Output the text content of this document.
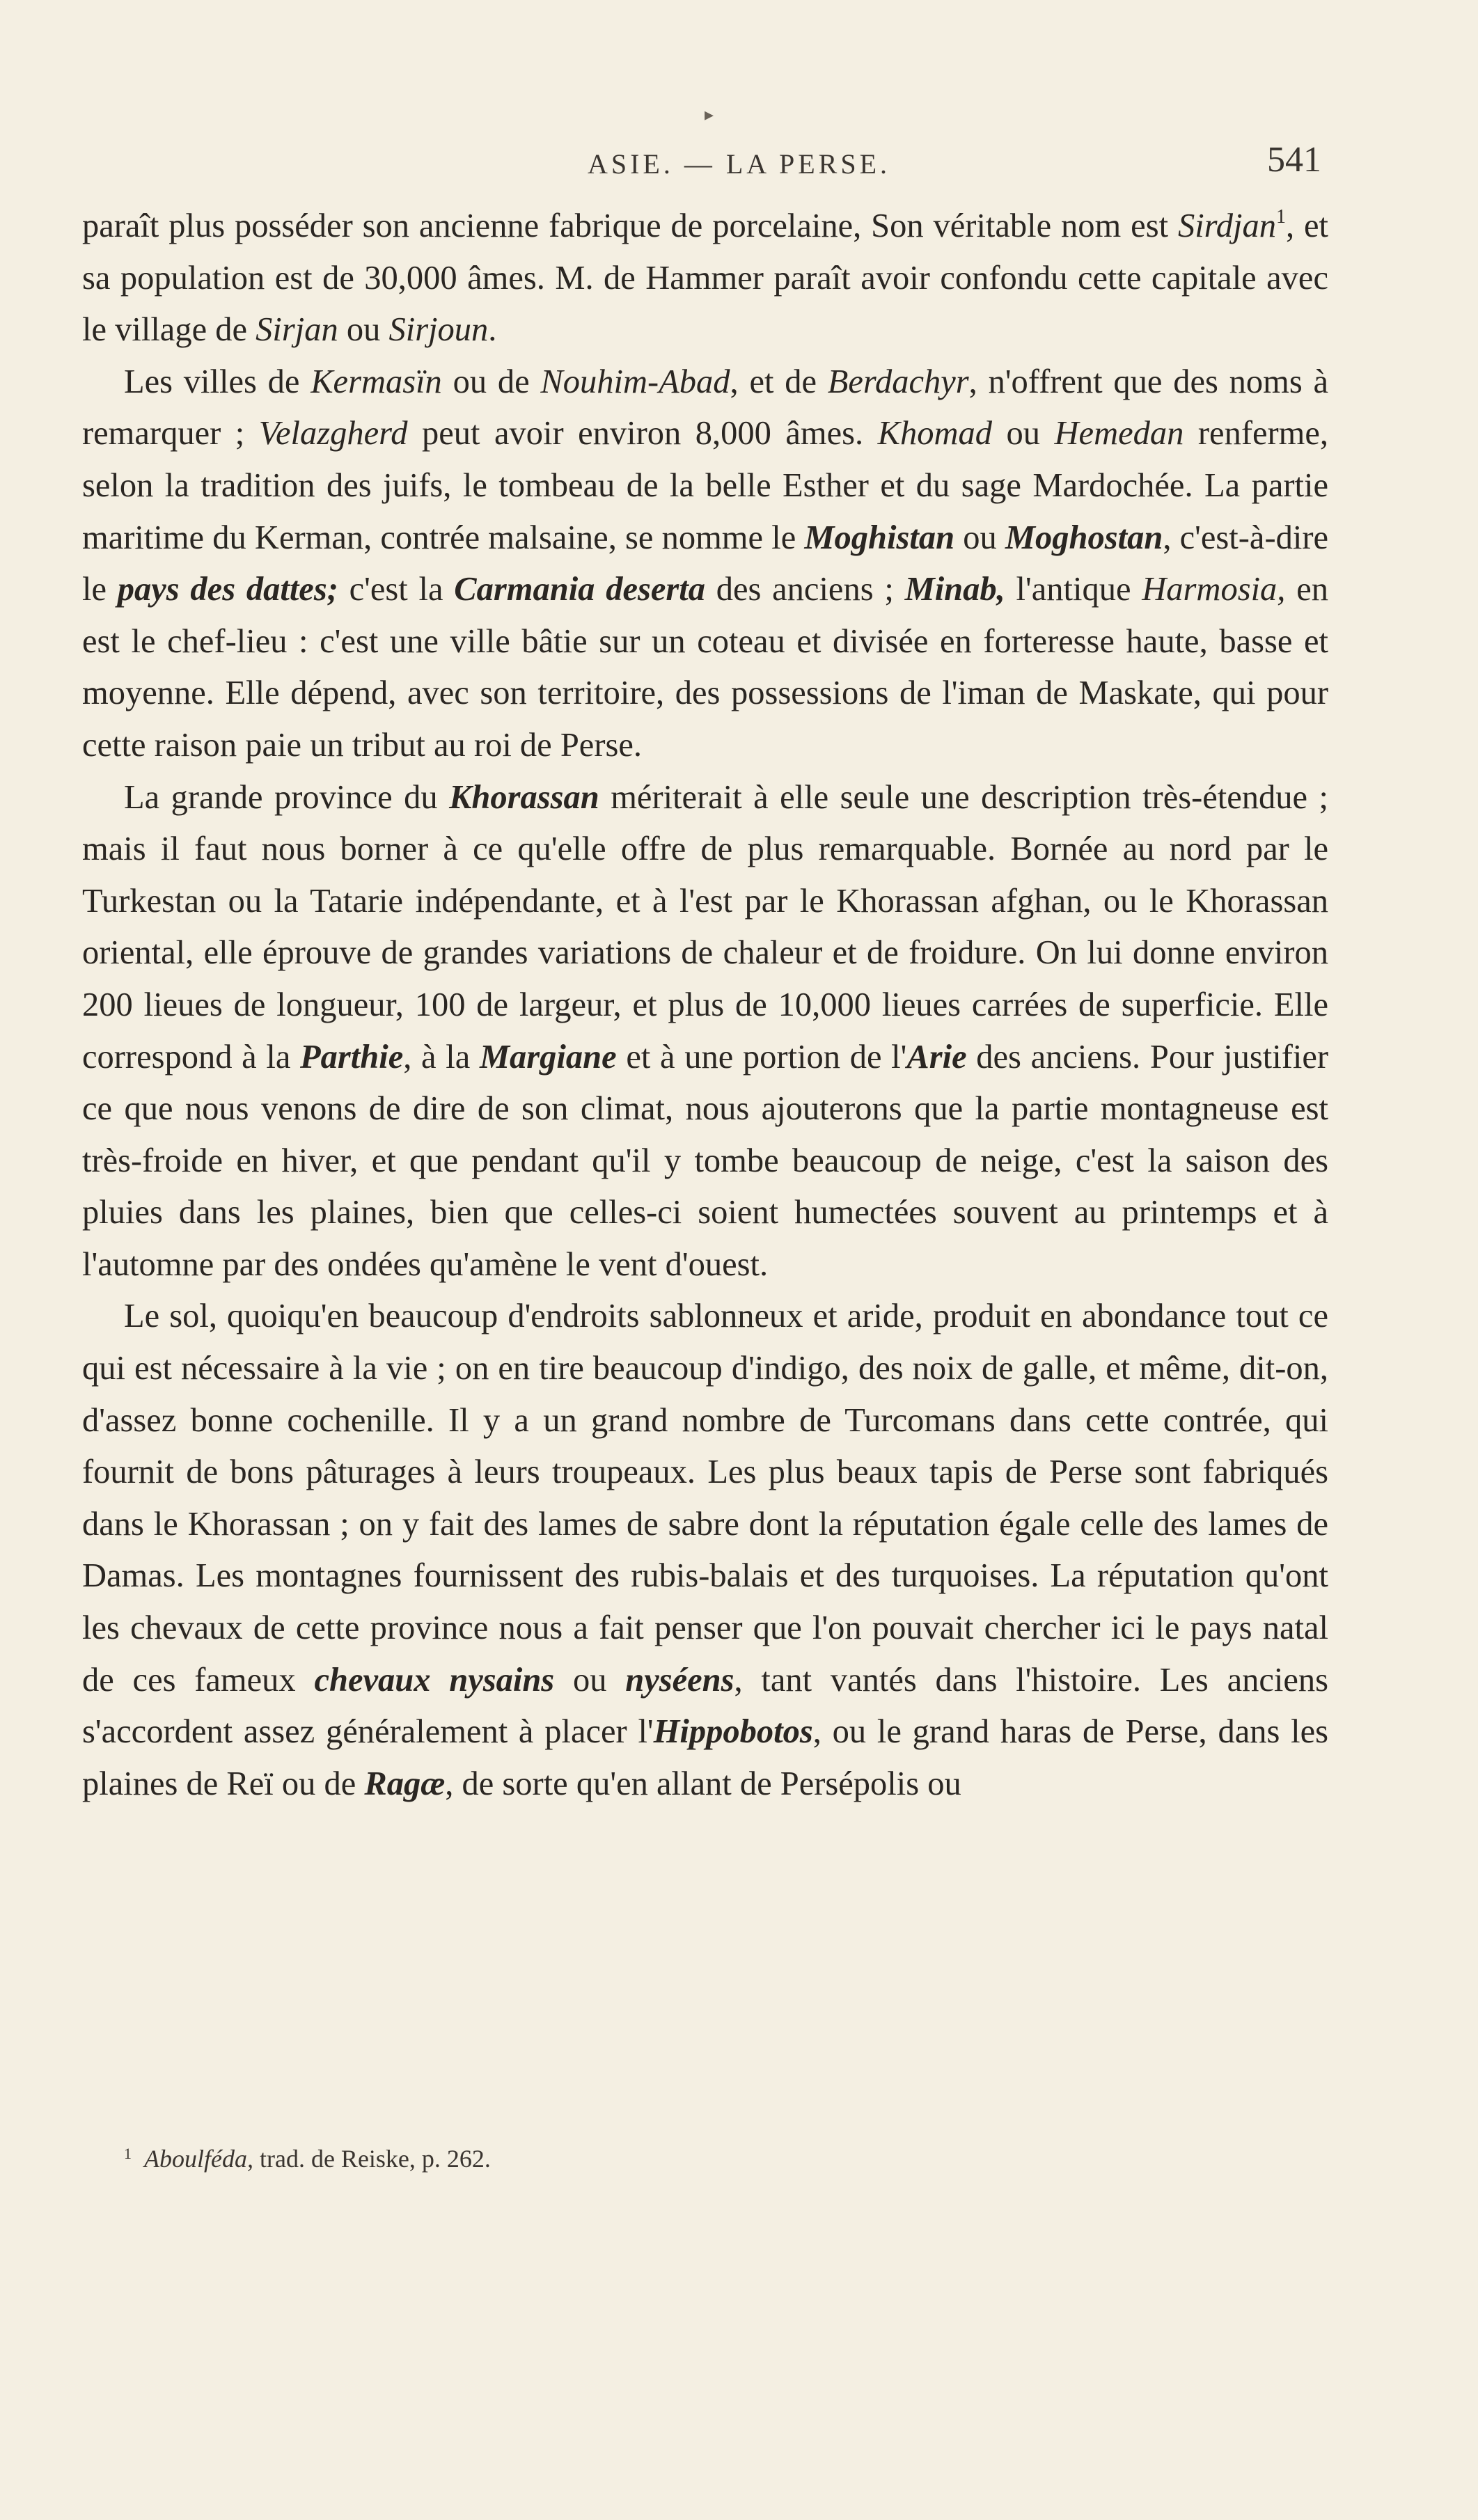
▸
ASIE. — LA PERSE.	541

paraît plus posséder son ancienne fabrique de porcelaine, Son véritable nom est Sirdjan$^1$, et sa population est de 30,000 âmes. M. de Hammer paraît avoir confondu cette capitale avec le village de Sirjan ou Sirjoun.

Les villes de Kermasïn ou de Nouhim-Abad, et de Berdachyr, n'offrent que des noms à remarquer ; Velazgherd peut avoir environ 8,000 âmes. Khomad ou Hemedan renferme, selon la tradition des juifs, le tombeau de la belle Esther et du sage Mardochée. La partie maritime du Kerman, contrée malsaine, se nomme le Moghistan ou Moghostan, c'est-à-dire le pays des dattes; c'est la Carmania deserta des anciens ; Minab, l'antique Harmosia, en est le chef-lieu : c'est une ville bâtie sur un coteau et divisée en forteresse haute, basse et moyenne. Elle dépend, avec son territoire, des possessions de l'iman de Maskate, qui pour cette raison paie un tribut au roi de Perse.

La grande province du Khorassan mériterait à elle seule une description très-étendue ; mais il faut nous borner à ce qu'elle offre de plus remarquable. Bornée au nord par le Turkestan ou la Tatarie indépendante, et à l'est par le Khorassan afghan, ou le Khorassan oriental, elle éprouve de grandes variations de chaleur et de froidure. On lui donne environ 200 lieues de longueur, 100 de largeur, et plus de 10,000 lieues carrées de superficie. Elle correspond à la Parthie, à la Margiane et à une portion de l'Arie des anciens. Pour justifier ce que nous venons de dire de son climat, nous ajouterons que la partie montagneuse est très-froide en hiver, et que pendant qu'il y tombe beaucoup de neige, c'est la saison des pluies dans les plaines, bien que celles-ci soient humectées souvent au printemps et à l'automne par des ondées qu'amène le vent d'ouest.

Le sol, quoiqu'en beaucoup d'endroits sablonneux et aride, produit en abondance tout ce qui est nécessaire à la vie ; on en tire beaucoup d'indigo, des noix de galle, et même, dit-on, d'assez bonne cochenille. Il y a un grand nombre de Turcomans dans cette contrée, qui fournit de bons pâturages à leurs troupeaux. Les plus beaux tapis de Perse sont fabriqués dans le Khorassan ; on y fait des lames de sabre dont la réputation égale celle des lames de Damas. Les montagnes fournissent des rubis-balais et des turquoises. La réputation qu'ont les chevaux de cette province nous a fait penser que l'on pouvait chercher ici le pays natal de ces fameux chevaux nysains ou nyséens, tant vantés dans l'histoire. Les anciens s'accordent assez généralement à placer l'Hippobotos, ou le grand haras de Perse, dans les plaines de Reï ou de Ragæ, de sorte qu'en allant de Persépolis ou

$^1$ Aboulféda, trad. de Reiske, p. 262.
